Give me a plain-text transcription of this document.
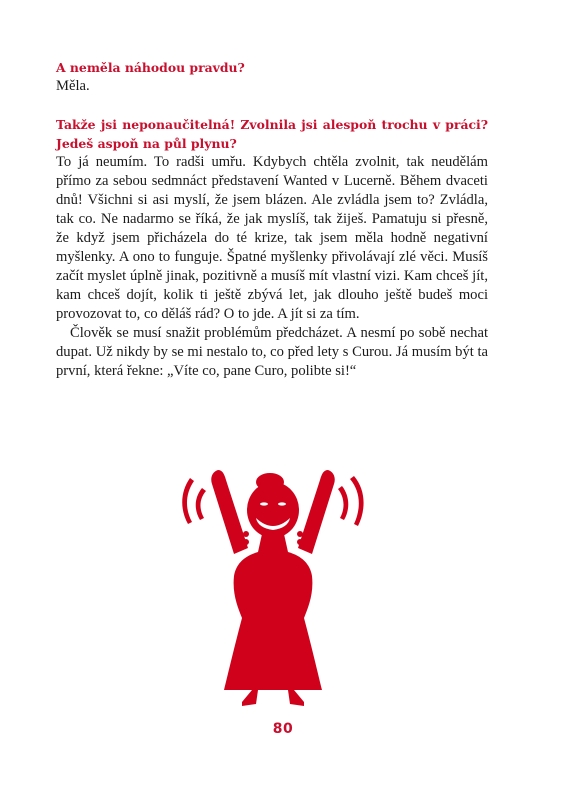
A neměla náhodou pravdu?

Měla.

Takže jsi neponaučitelná! Zvolnila jsi alespoň trochu v práci? Jedeš aspoň na půl plynu?

To já neumím. To radši umřu. Kdybych chtěla zvolnit, tak neudělám přímo za sebou sedmnáct představení Wanted v Lucerně. Během dvaceti dnů! Všichni si asi myslí, že jsem blázen. Ale zvládla jsem to? Zvládla, tak co. Ne nadarmo se říká, že jak myslíš, tak žiješ. Pamatuju si přesně, že když jsem přicházela do té krize, tak jsem měla hodně negativní myšlenky. A ono to funguje. Špatné myšlenky přivolávají zlé věci. Musíš začít myslet úplně jinak, pozitivně a musíš mít vlastní vizi. Kam chceš jít, kam chceš dojít, kolik ti ještě zbývá let, jak dlouho ještě budeš moci provozovat to, co děláš rád? O to jde. A jít si za tím.

Člověk se musí snažit problémům předcházet. A nesmí po sobě nechat dupat. Už nikdy by se mi nestalo to, co před lety s Curou. Já musím být ta první, která řekne: „Víte co, pane Curo, polibte si!“

80
